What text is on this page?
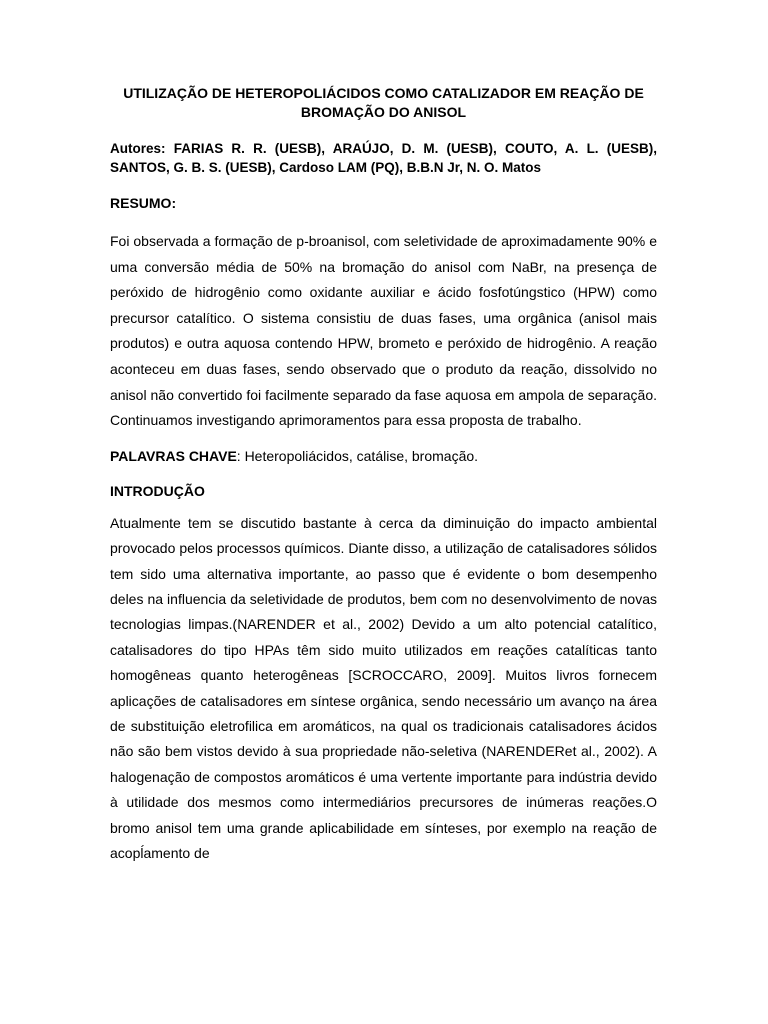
UTILIZAÇÃO DE HETEROPOLIÁCIDOS COMO CATALIZADOR EM REAÇÃO DE BROMAÇÃO DO ANISOL
Autores: FARIAS R. R. (UESB), ARAÚJO, D. M. (UESB), COUTO, A. L. (UESB), SANTOS, G. B. S. (UESB), Cardoso LAM (PQ), B.B.N Jr, N. O. Matos
RESUMO:
Foi observada a formação de p-broanisol, com seletividade de aproximadamente 90% e uma conversão média de 50% na bromação do anisol com NaBr, na presença de peróxido de hidrogênio como oxidante auxiliar e ácido fosfotúngstico (HPW) como precursor catalítico. O sistema consistiu de duas fases, uma orgânica (anisol mais produtos) e outra aquosa contendo HPW, brometo e peróxido de hidrogênio. A reação aconteceu em duas fases, sendo observado que o produto da reação, dissolvido no anisol não convertido foi facilmente separado da fase aquosa em ampola de separação. Continuamos investigando aprimoramentos para essa proposta de trabalho.
PALAVRAS CHAVE: Heteropoliácidos, catálise, bromação.
INTRODUÇÃO
Atualmente tem se discutido bastante à cerca da diminuição do impacto ambiental provocado pelos processos químicos. Diante disso, a utilização de catalisadores sólidos tem sido uma alternativa importante, ao passo que é evidente o bom desempenho deles na influencia da seletividade de produtos, bem com no desenvolvimento de novas tecnologias limpas.(NARENDER et al., 2002) Devido a um alto potencial catalítico, catalisadores do tipo HPAs têm sido muito utilizados em reações catalíticas tanto homogêneas quanto heterogêneas [SCROCCARO, 2009]. Muitos livros fornecem aplicações de catalisadores em síntese orgânica, sendo necessário um avanço na área de substituição eletrofilica em aromáticos, na qual os tradicionais catalisadores ácidos não são bem vistos devido à sua propriedade não-seletiva (NARENDERet al., 2002). A halogenação de compostos aromáticos é uma vertente importante para indústria devido à utilidade dos mesmos como intermediários precursores de inúmeras reações.O bromo anisol tem uma grande aplicabilidade em sínteses, por exemplo na reação de acopĺamento de
